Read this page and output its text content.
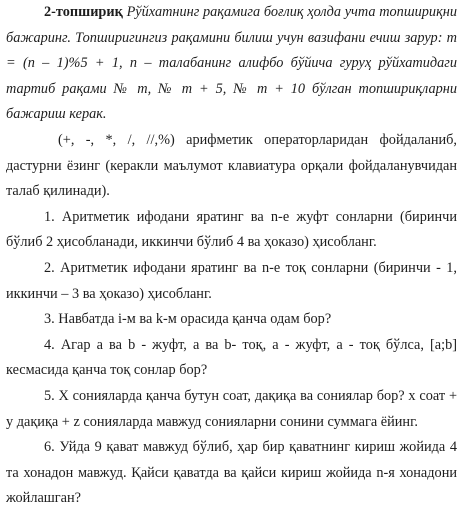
2-топшириқ Рўйхатнинг рақамига боғлиқ ҳолда учта топшириқни бажаринг. Топширигингиз рақамини билиш учун вазифани ечиш зарур: m = (n – 1)%5 + 1, n – талабанинг алифбо бўйича гуруҳ рўйхатидаги тартиб рақами № m, № m + 5, № m + 10 бўлган топшириқларни бажариш керак.

(+, -, *, /, //,%) арифметик операторларидан фойдаланиб, дастурни ёзинг (керакли маълумот клавиатура орқали фойдаланувчидан талаб қилинади).

1. Аритметик ифодани яратинг ва n-е жуфт сонларни (биринчи бўлиб 2 ҳисобланади, иккинчи бўлиб 4 ва ҳоказо) ҳисобланг.

2. Аритметик ифодани яратинг ва n-е тоқ сонларни (биринчи - 1, иккинчи – 3 ва ҳоказо) ҳисобланг.

3. Навбатда i-м ва k-м орасида қанча одам бор?

4. Агар a ва b - жуфт, a ва b- тоқ, a - жуфт, a - тоқ бўлса, [a;b] кесмасида қанча тоқ сонлар бор?

5. X сонияларда қанча бутун соат, дақиқа ва сониялар бор? x соат + y дақиқа + z сонияларда мавжуд сонияларни сонини суммага ёйинг.

6. Уйда 9 қават мавжуд бўлиб, ҳар бир қаватнинг кириш жойида 4 та хонадон мавжуд. Қайси қаватда ва қайси кириш жойида n-я хонадони жойлашган?
